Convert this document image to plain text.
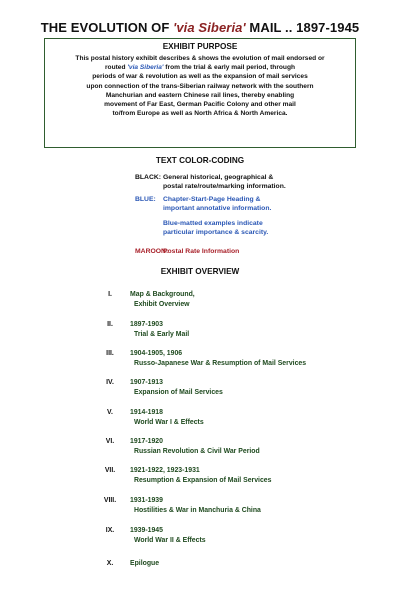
THE EVOLUTION OF 'via Siberia' MAIL .. 1897-1945
EXHIBIT PURPOSE

This postal history exhibit describes & shows the evolution of mail endorsed or
routed 'via Siberia' from the trial & early mail period, through
periods of war & revolution as well as the expansion of mail services
upon connection of the trans-Siberian railway network with the southern
Manchurian and eastern Chinese rail lines, thereby enabling
movement of Far East, German Pacific Colony and other mail
to/from Europe as well as North Africa & North America.

TEXT COLOR-CODING
BLACK: General historical, geographical &
postal rate/route/marking information.
BLUE: Chapter-Start-Page Heading &
important annotative information.
Blue-matted examples indicate
particular importance & scarcity.
MAROON:
Postal Rate Information
EXHIBIT OVERVIEW
I.	Map & Background,
Exhibit Overview
II.	1897-1903
Trial & Early Mail
III.	1904-1905, 1906
Russo-Japanese War & Resumption of Mail Services
IV.	1907-1913
Expansion of Mail Services
V.	1914-1918
World War I & Effects
VI.	1917-1920
Russian Revolution & Civil War Period
VII.	1921-1922, 1923-1931
Resumption & Expansion of Mail Services
VIII.	1931-1939
Hostilities & War in Manchuria & China
IX.	1939-1945
World War II & Effects
X.	Epilogue
